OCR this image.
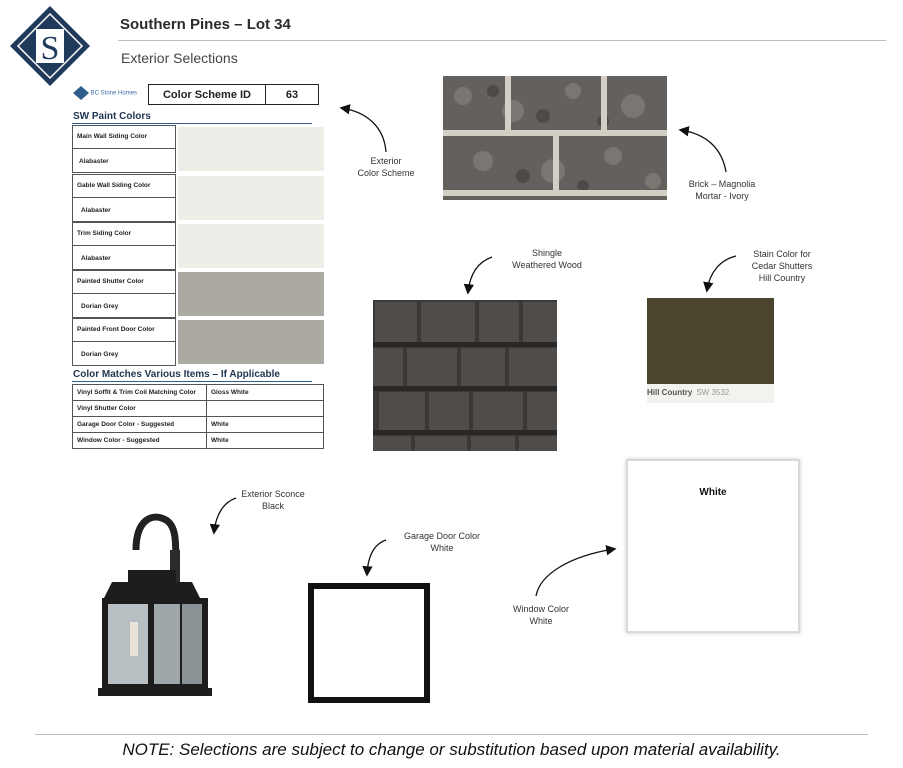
S
Southern Pines – Lot 34
Exterior Selections
BC Stone Homes	Color Scheme ID	63
SW Paint Colors
Main Wall Siding Color
Alabaster
Gable Wall Siding Color
Alabaster
Trim Siding Color
Alabaster
Painted Shutter Color
Dorian Grey
Painted Front Door Color
Dorian Grey
Color Matches Various Items – If Applicable
Vinyl Soffit & Trim Coil Matching Color	Gloss White
Vinyl Shutter Color	
Garage Door Color - Suggested	White
Window Color - Suggested	White
Hill Country SW 3532
White
Exterior
Color Scheme
Brick – Magnolia
Mortar - Ivory
Shingle
Weathered Wood
Stain Color for
Cedar Shutters
Hill Country
Exterior Sconce
Black
Garage Door Color
White
Window Color
White
NOTE: Selections are subject to change or substitution based upon material availability.
